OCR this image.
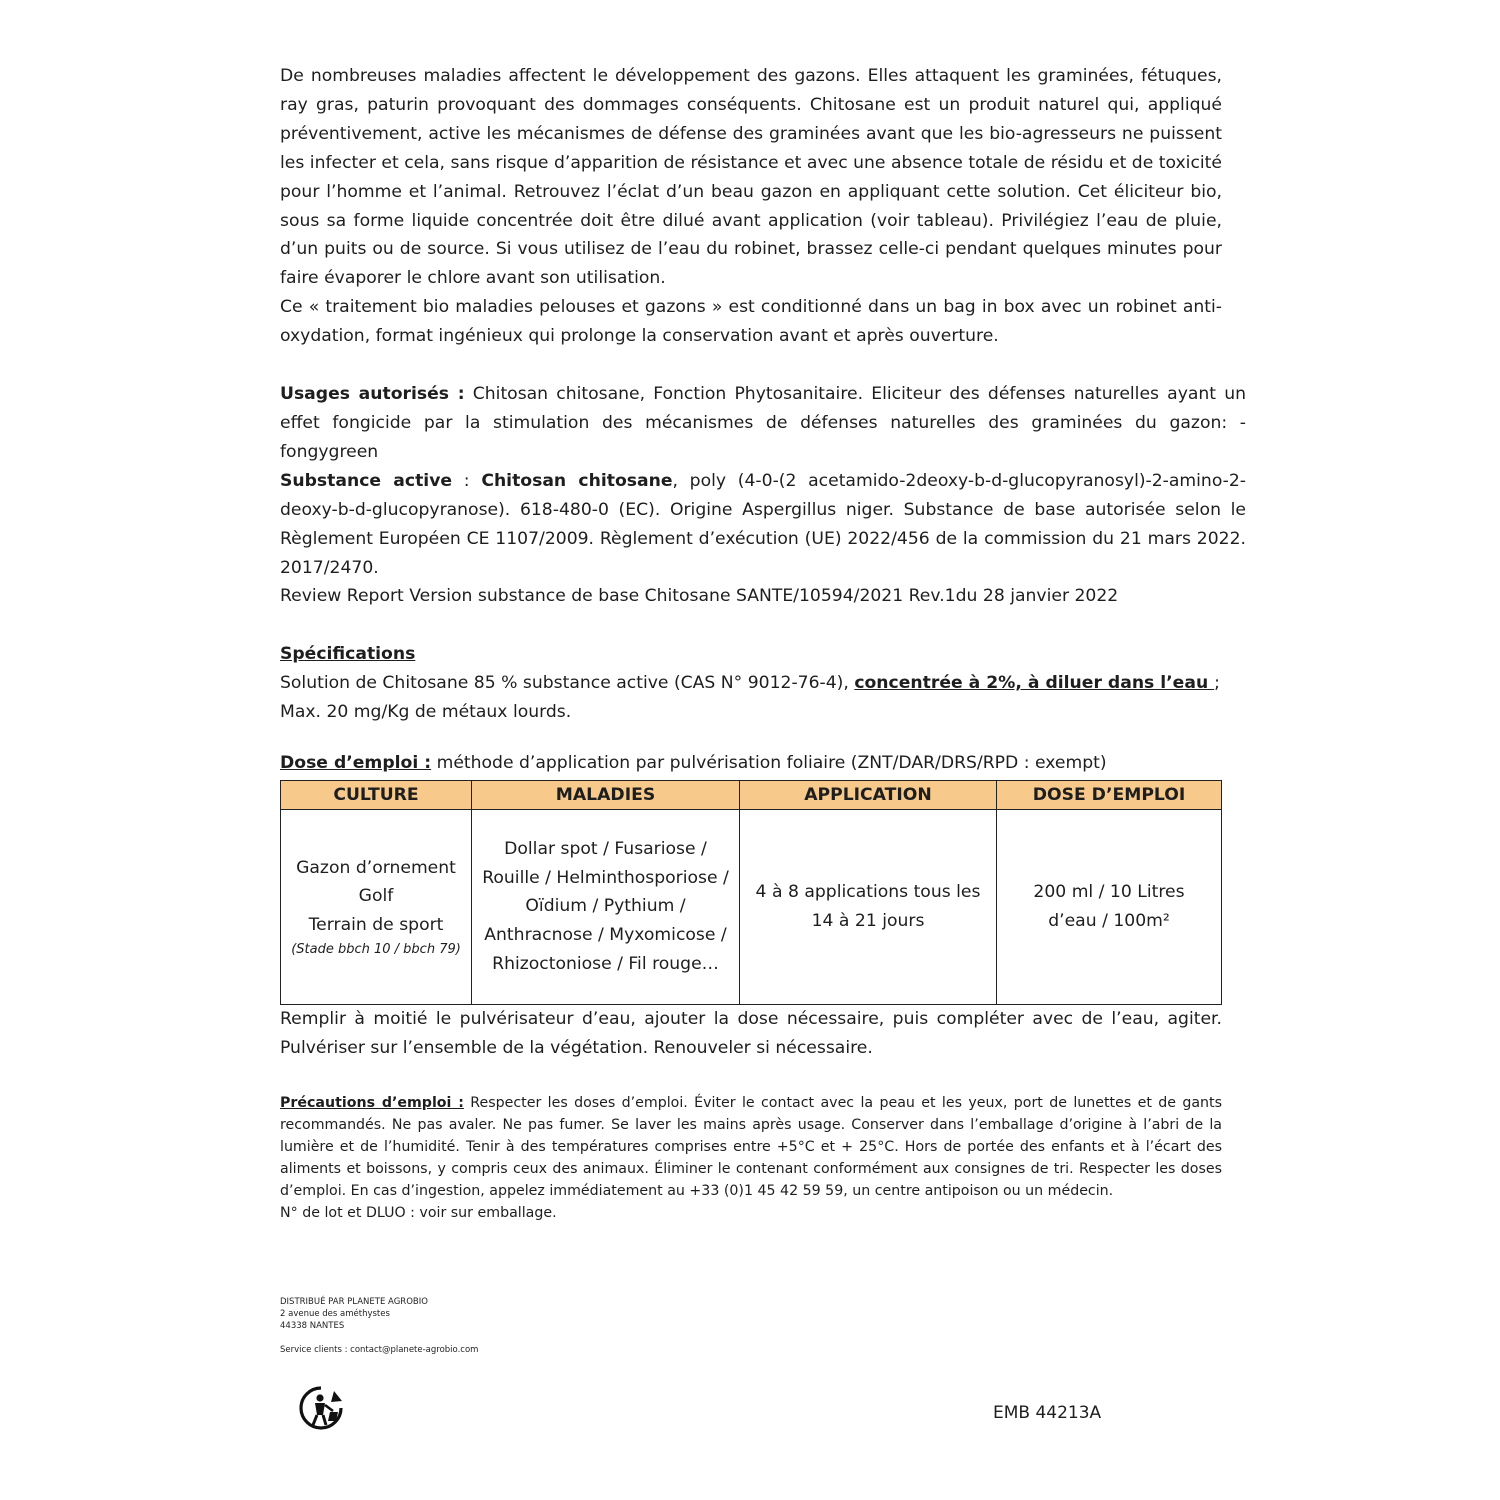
De nombreuses maladies affectent le développement des gazons. Elles attaquent les graminées, fétuques, ray gras, paturin provoquant des dommages conséquents. Chitosane est un produit naturel qui, appliqué préventivement, active les mécanismes de défense des graminées avant que les bio-agresseurs ne puissent les infecter et cela, sans risque d’apparition de résistance et avec une absence totale de résidu et de toxicité pour l’homme et l’animal. Retrouvez l’éclat d’un beau gazon en appliquant cette solution. Cet éliciteur bio, sous sa forme liquide concentrée doit être dilué avant application (voir tableau). Privilégiez l’eau de pluie, d’un puits ou de source. Si vous utilisez de l’eau du robinet, brassez celle-ci pendant quelques minutes pour faire évaporer le chlore avant son utilisation.

Ce « traitement bio maladies pelouses et gazons » est conditionné dans un bag in box avec un robinet anti-oxydation, format ingénieux qui prolonge la conservation avant et après ouverture.

Usages autorisés : Chitosan chitosane, Fonction Phytosanitaire. Eliciteur des défenses naturelles ayant un effet fongicide par la stimulation des mécanismes de défenses naturelles des graminées du gazon: - fongygreen

Substance active : Chitosan chitosane, poly (4-0-(2 acetamido-2deoxy-b-d-glucopyranosyl)-2-amino-2-deoxy-b-d-glucopyranose). 618-480-0 (EC). Origine Aspergillus niger. Substance de base autorisée selon le Règlement Européen CE 1107/2009. Règlement d’exécution (UE) 2022/456 de la commission du 21 mars 2022. 2017/2470.

Review Report Version substance de base Chitosane SANTE/10594/2021 Rev.1du 28 janvier 2022

Spécifications

Solution de Chitosane 85 % substance active (CAS N° 9012-76-4), concentrée à 2%, à diluer dans l’eau ;
Max. 20 mg/Kg de métaux lourds.

Dose d’emploi : méthode d’application par pulvérisation foliaire (ZNT/DAR/DRS/RPD : exempt)

CULTURE	MALADIES	APPLICATION	DOSE D’EMPLOI

Gazon d’ornement
Golf
Terrain de sport
(Stade bbch 10 / bbch 79)	Dollar spot / Fusariose / Rouille / Helminthosporiose / Oïdium / Pythium / Anthracnose / Myxomicose / Rhizoctoniose / Fil rouge…	4 à 8 applications tous les 14 à 21 jours	200 ml / 10 Litres d’eau / 100m²

Remplir à moitié le pulvérisateur d’eau, ajouter la dose nécessaire, puis compléter avec de l’eau, agiter. Pulvériser sur l’ensemble de la végétation. Renouveler si nécessaire.

Précautions d’emploi : Respecter les doses d’emploi. Éviter le contact avec la peau et les yeux, port de lunettes et de gants recommandés. Ne pas avaler. Ne pas fumer. Se laver les mains après usage. Conserver dans l’emballage d’origine à l’abri de la lumière et de l’humidité. Tenir à des températures comprises entre +5°C et + 25°C. Hors de portée des enfants et à l’écart des aliments et boissons, y compris ceux des animaux. Éliminer le contenant conformément aux consignes de tri. Respecter les doses d’emploi. En cas d’ingestion, appelez immédiatement au +33 (0)1 45 42 59 59, un centre antipoison ou un médecin.
N° de lot et DLUO : voir sur emballage.

DISTRIBUÉ PAR PLANETE AGROBIO
2 avenue des améthystes
44338 NANTES
Service clients : contact@planete-agrobio.com
EMB 44213A
